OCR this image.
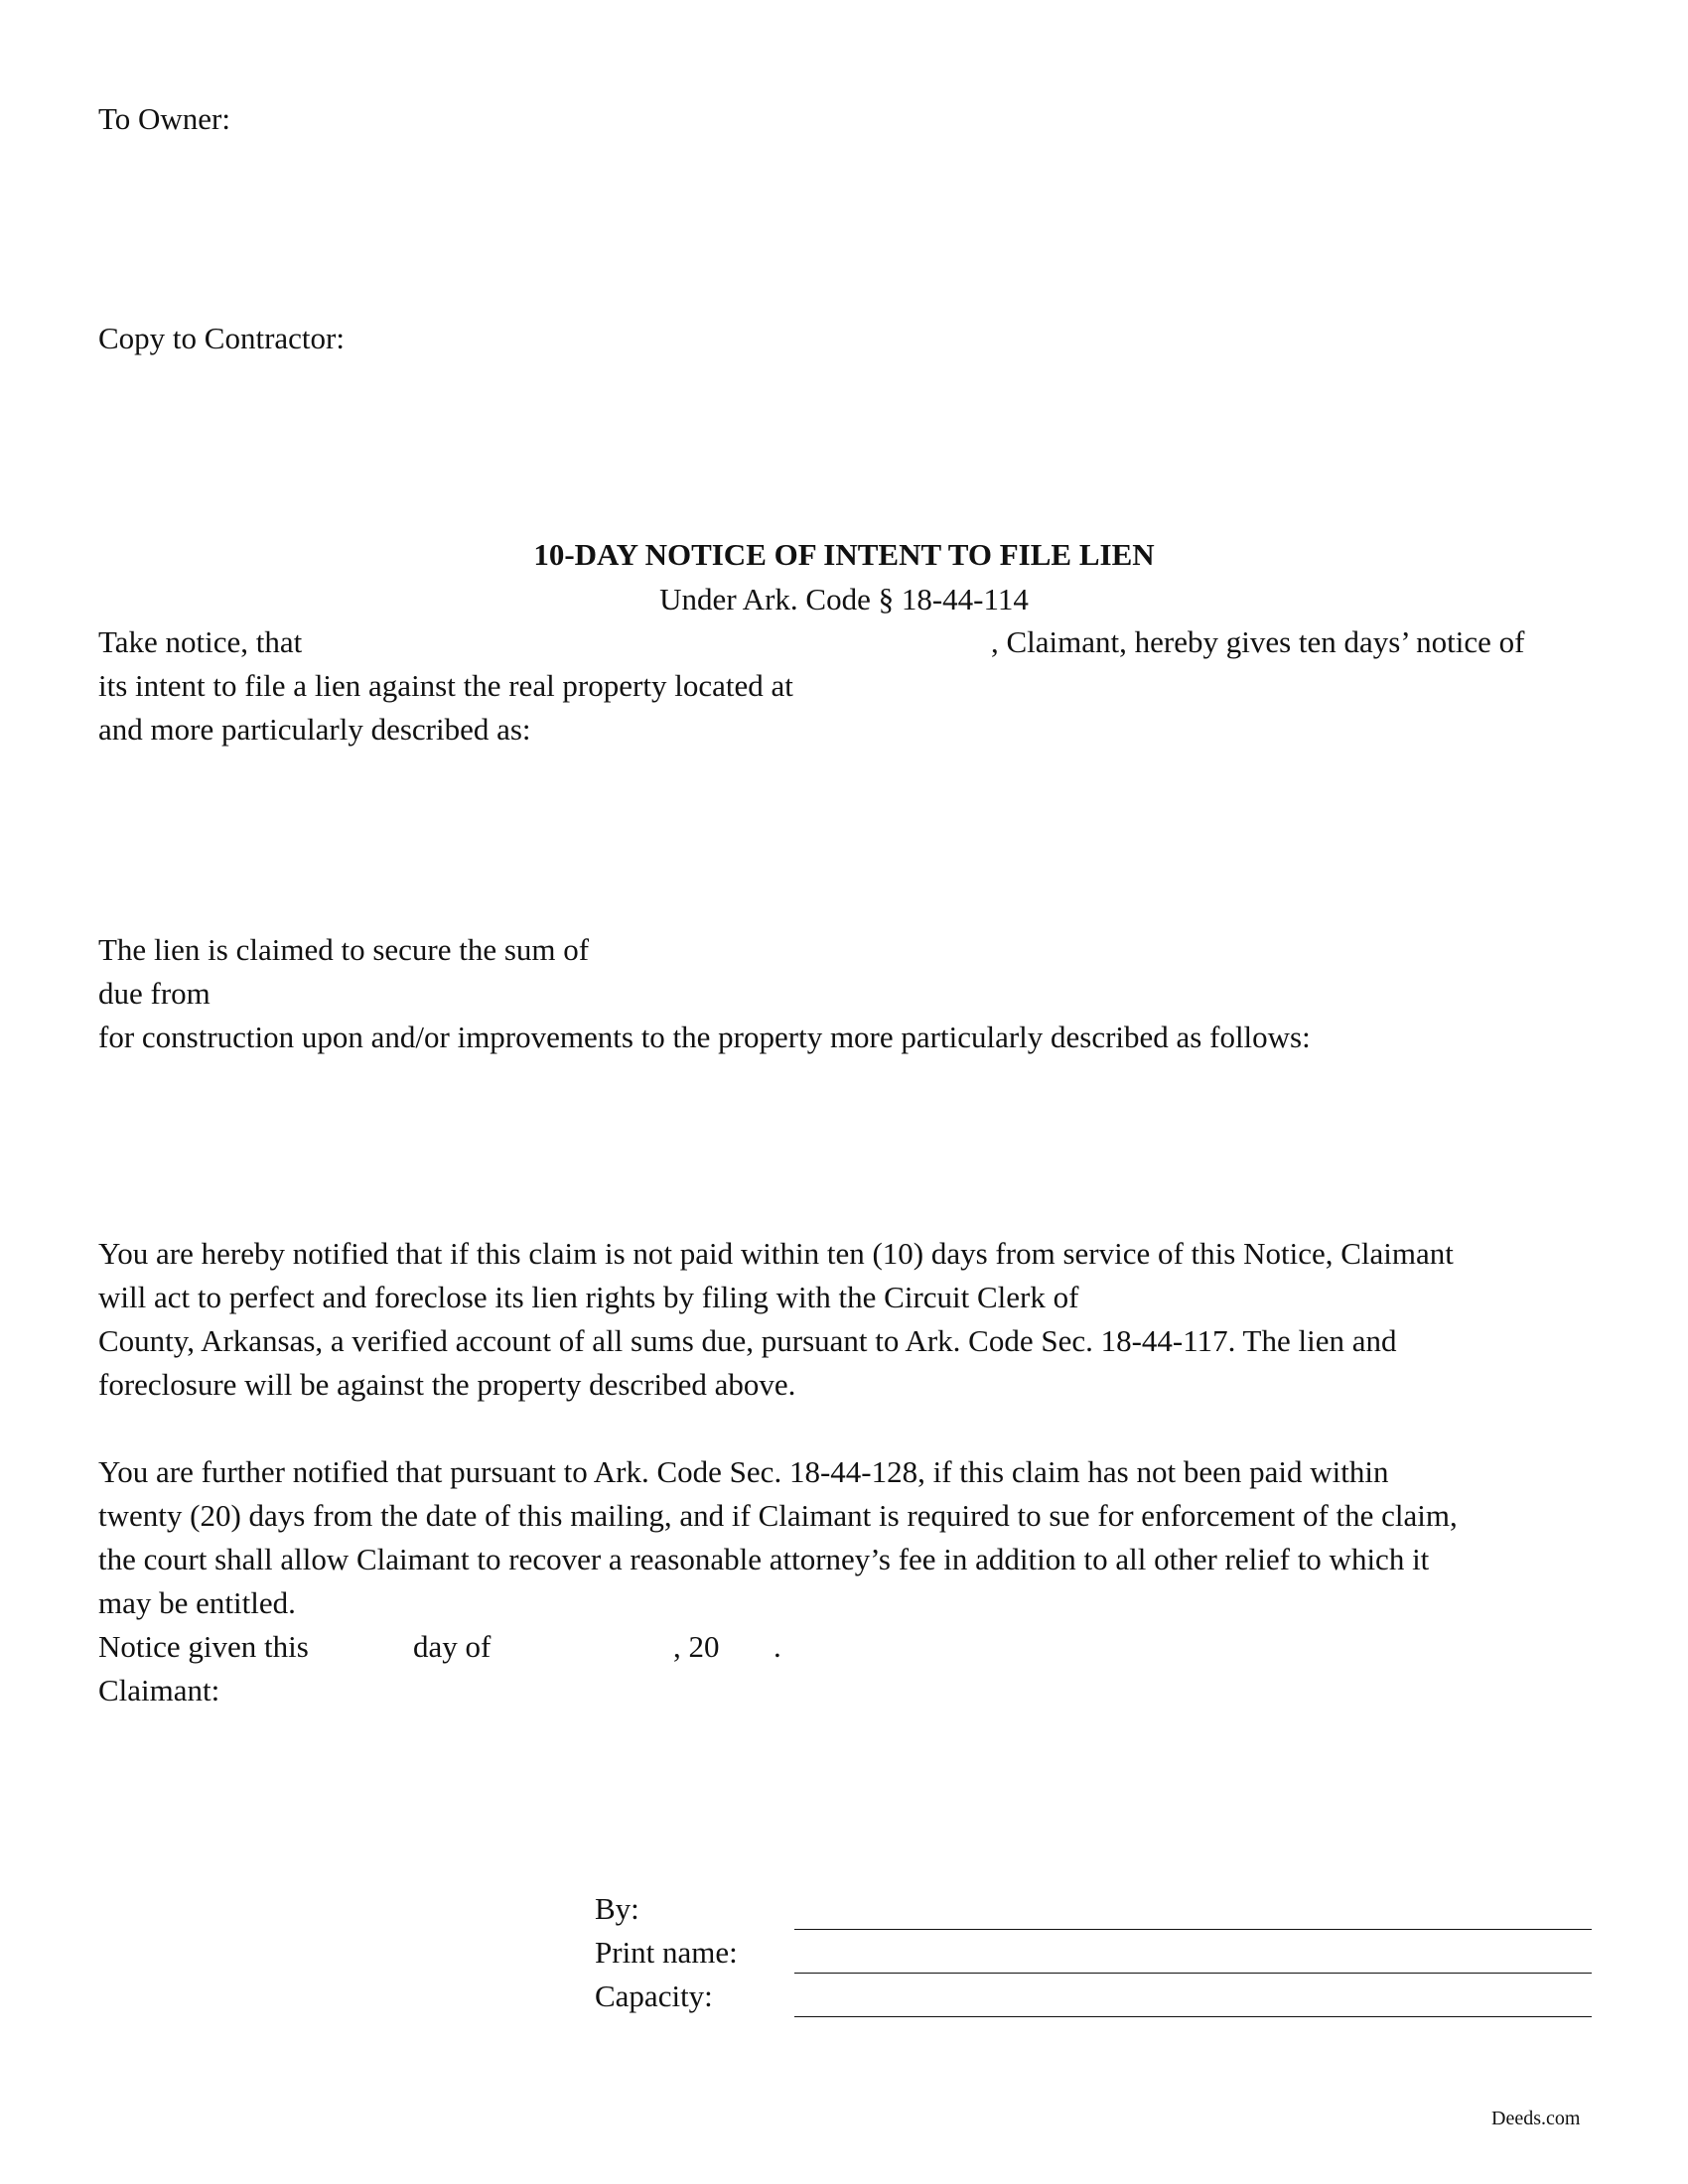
To Owner:
Copy to Contractor:
10-DAY NOTICE OF INTENT TO FILE LIEN
Under Ark. Code § 18-44-114
Take notice, that	, Claimant, hereby gives ten days’ notice of
its intent to file a lien against the real property located at
and more particularly described as:
The lien is claimed to secure the sum of
due from
for construction upon and/or improvements to the property more particularly described as follows:
You are hereby notified that if this claim is not paid within ten (10) days from service of this Notice, Claimant
will act to perfect and foreclose its lien rights by filing with the Circuit Clerk of
County, Arkansas, a verified account of all sums due, pursuant to Ark. Code Sec. 18-44-117. The lien and
foreclosure will be against the property described above.
You are further notified that pursuant to Ark. Code Sec. 18-44-128, if this claim has not been paid within
twenty (20) days from the date of this mailing, and if Claimant is required to sue for enforcement of the claim,
the court shall allow Claimant to recover a reasonable attorney’s fee in addition to all other relief to which it
may be entitled.
Notice given this	day of	, 20 .
Claimant:
By:
Print name:
Capacity:
Deeds.com
